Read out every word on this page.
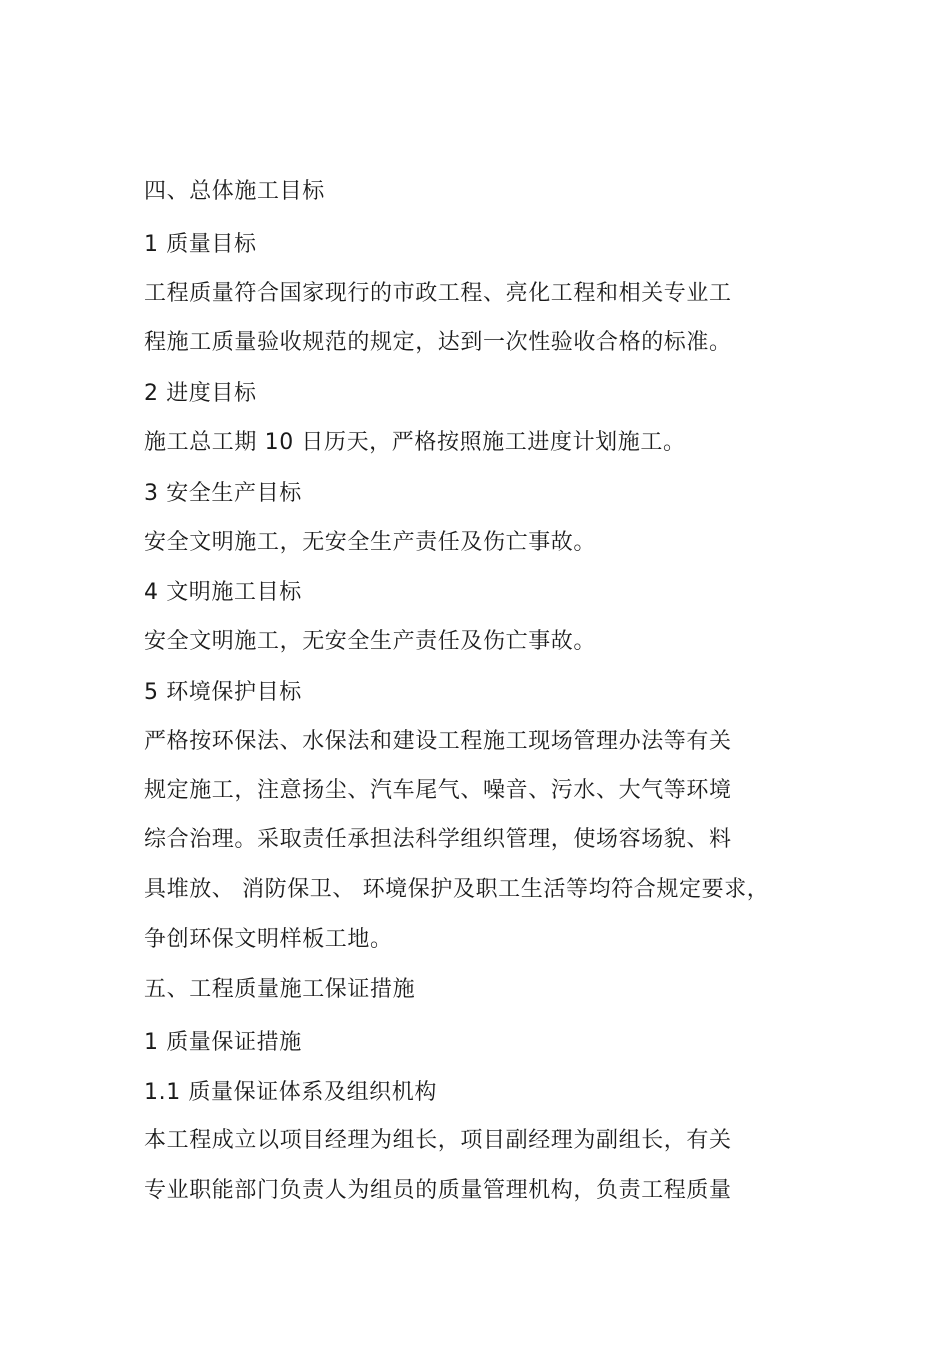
四、总体施工目标
1 质量目标
工程质量符合国家现行的市政工程、亮化工程和相关专业工
程施工质量验收规范的规定，达到一次性验收合格的标准。
2 进度目标
施工总工期 10 日历天，严格按照施工进度计划施工。
3 安全生产目标
安全文明施工，无安全生产责任及伤亡事故。
4 文明施工目标
安全文明施工，无安全生产责任及伤亡事故。
5 环境保护目标
严格按环保法、水保法和建设工程施工现场管理办法等有关
规定施工，注意扬尘、汽车尾气、噪音、污水、大气等环境
综合治理。采取责任承担法科学组织管理，使场容场貌、料
具堆放、 消防保卫、 环境保护及职工生活等均符合规定要求，
争创环保文明样板工地。
五、工程质量施工保证措施
1 质量保证措施
1.1 质量保证体系及组织机构
本工程成立以项目经理为组长，项目副经理为副组长，有关
专业职能部门负责人为组员的质量管理机构，负责工程质量
